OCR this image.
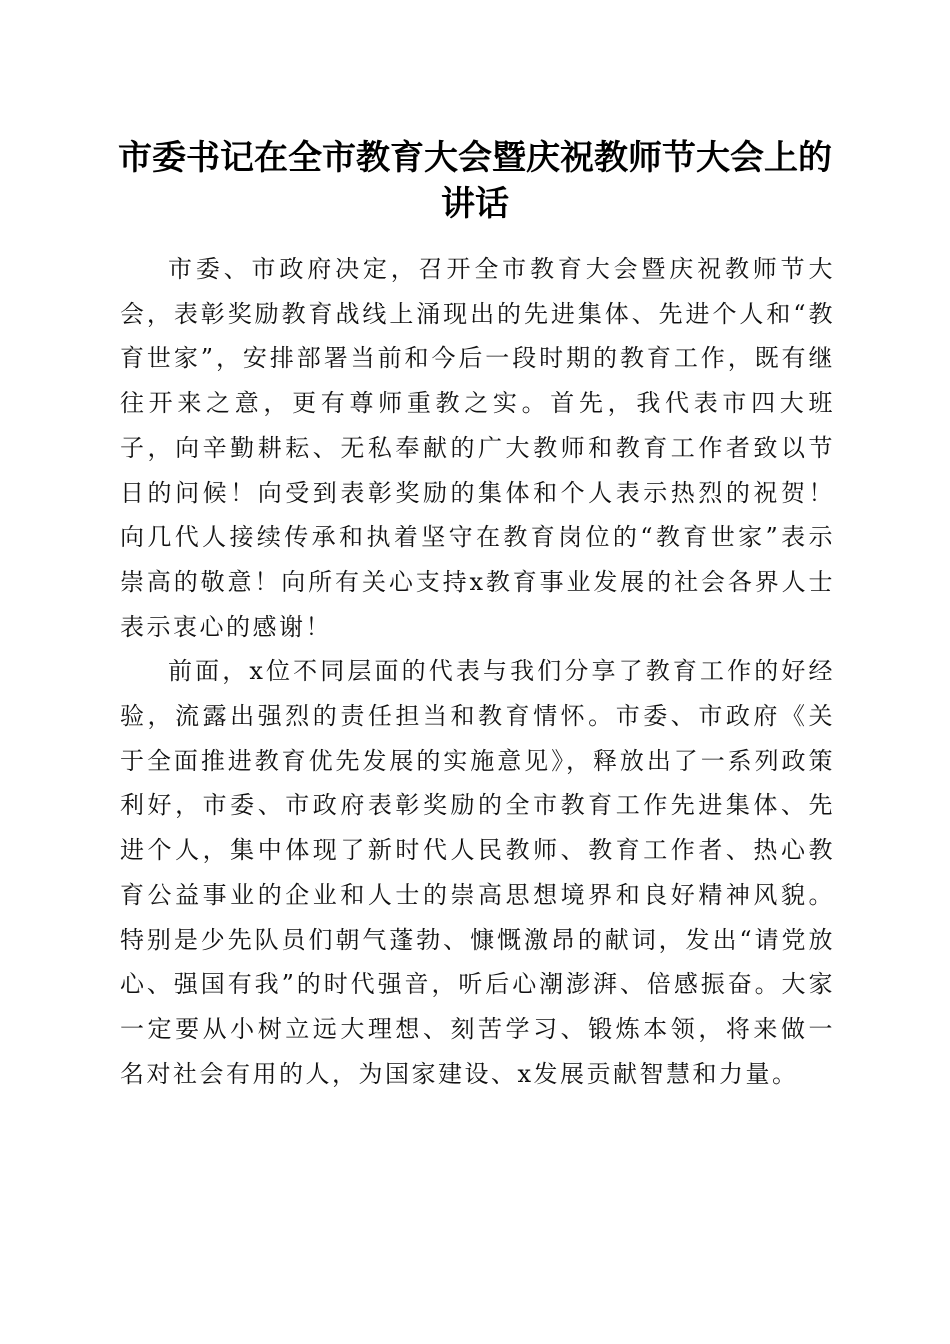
市委书记在全市教育大会暨庆祝教师节大会上的讲话

市委、市政府决定，召开全市教育大会暨庆祝教师节大会，表彰奖励教育战线上涌现出的先进集体、先进个人和“教育世家”，安排部署当前和今后一段时期的教育工作，既有继往开来之意，更有尊师重教之实。首先，我代表市四大班子，向辛勤耕耘、无私奉献的广大教师和教育工作者致以节日的问候！向受到表彰奖励的集体和个人表示热烈的祝贺！向几代人接续传承和执着坚守在教育岗位的“教育世家”表示崇高的敬意！向所有关心支持x教育事业发展的社会各界人士表示衷心的感谢！

前面，x位不同层面的代表与我们分享了教育工作的好经验，流露出强烈的责任担当和教育情怀。市委、市政府《关于全面推进教育优先发展的实施意见》，释放出了一系列政策利好，市委、市政府表彰奖励的全市教育工作先进集体、先进个人，集中体现了新时代人民教师、教育工作者、热心教育公益事业的企业和人士的崇高思想境界和良好精神风貌。特别是少先队员们朝气蓬勃、慷慨激昂的献词，发出“请党放心、强国有我”的时代强音，听后心潮澎湃、倍感振奋。大家一定要从小树立远大理想、刻苦学习、锻炼本领，将来做一名对社会有用的人，为国家建设、x发展贡献智慧和力量。
